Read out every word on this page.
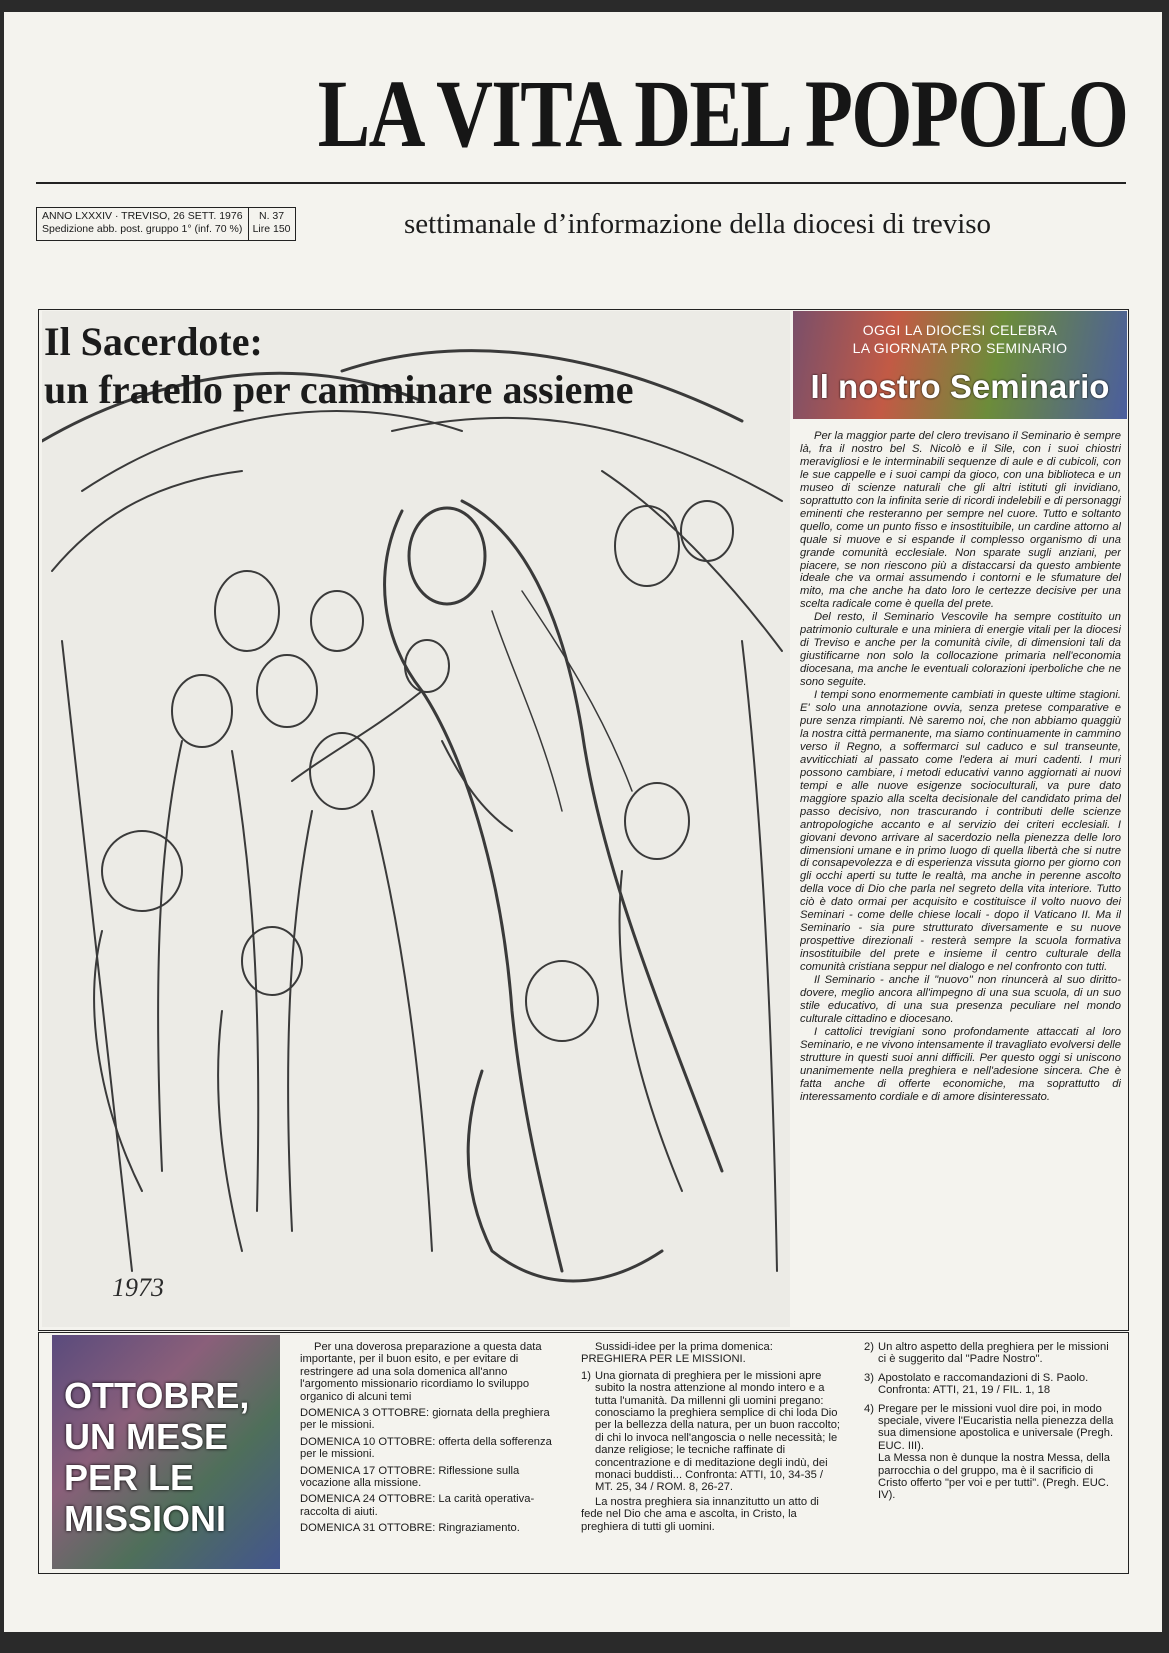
LA VITA DEL POPOLO
ANNO LXXXIV · TREVISO, 26 SETT. 1976
Spedizione abb. post. gruppo 1° (inf. 70 %)
N. 37
Lire 150	settimanale d’informazione della diocesi di treviso
1973
Il Sacerdote:
un fratello per camminare assieme
OGGI LA DIOCESI CELEBRA
LA GIORNATA PRO SEMINARIO
Il nostro Seminario

Per la maggior parte del clero trevisano il Seminario è sempre là, fra il nostro bel S. Nicolò e il Sile, con i suoi chiostri meravigliosi e le interminabili sequenze di aule e di cubicoli, con le sue cappelle e i suoi campi da gioco, con una biblioteca e un museo di scienze naturali che gli altri istituti gli invidiano, soprattutto con la infinita serie di ricordi indelebili e di personaggi eminenti che resteranno per sempre nel cuore. Tutto e soltanto quello, come un punto fisso e insostituibile, un cardine attorno al quale si muove e si espande il complesso organismo di una grande comunità ecclesiale. Non sparate sugli anziani, per piacere, se non riescono più a distaccarsi da questo ambiente ideale che va ormai assumendo i contorni e le sfumature del mito, ma che anche ha dato loro le certezze decisive per una scelta radicale come è quella del prete.

Del resto, il Seminario Vescovile ha sempre costituito un patrimonio culturale e una miniera di energie vitali per la diocesi di Treviso e anche per la comunità civile, di dimensioni tali da giustificarne non solo la collocazione primaria nell'economia diocesana, ma anche le eventuali colorazioni iperboliche che ne sono seguite.

I tempi sono enormemente cambiati in queste ultime stagioni. E' solo una annotazione ovvia, senza pretese comparative e pure senza rimpianti. Nè saremo noi, che non abbiamo quaggiù la nostra città permanente, ma siamo continuamente in cammino verso il Regno, a soffermarci sul caduco e sul transeunte, avviticchiati al passato come l'edera ai muri cadenti. I muri possono cambiare, i metodi educativi vanno aggiornati ai nuovi tempi e alle nuove esigenze socioculturali, va pure dato maggiore spazio alla scelta decisionale del candidato prima del passo decisivo, non trascurando i contributi delle scienze antropologiche accanto e al servizio dei criteri ecclesiali. I giovani devono arrivare al sacerdozio nella pienezza delle loro dimensioni umane e in primo luogo di quella libertà che si nutre di consapevolezza e di esperienza vissuta giorno per giorno con gli occhi aperti su tutte le realtà, ma anche in perenne ascolto della voce di Dio che parla nel segreto della vita interiore. Tutto ciò è dato ormai per acquisito e costituisce il volto nuovo dei Seminari - come delle chiese locali - dopo il Vaticano II. Ma il Seminario - sia pure strutturato diversamente e su nuove prospettive direzionali - resterà sempre la scuola formativa insostituibile del prete e insieme il centro culturale della comunità cristiana seppur nel dialogo e nel confronto con tutti.

Il Seminario - anche il "nuovo" non rinuncerà al suo diritto-dovere, meglio ancora all'impegno di una sua scuola, di un suo stile educativo, di una sua presenza peculiare nel mondo culturale cittadino e diocesano.

I cattolici trevigiani sono profondamente attaccati al loro Seminario, e ne vivono intensamente il travagliato evolversi delle strutture in questi suoi anni difficili. Per questo oggi si uniscono unanimemente nella preghiera e nell'adesione sincera. Che è fatta anche di offerte economiche, ma soprattutto di interessamento cordiale e di amore disinteressato.

OTTOBRE,
UN MESE
PER LE
MISSIONI

Per una doverosa preparazione a questa data importante, per il buon esito, e per evitare di restringere ad una sola domenica all'anno l'argomento missionario ricordiamo lo sviluppo organico di alcuni temi

DOMENICA 3 OTTOBRE: giornata della preghiera per le missioni.

DOMENICA 10 OTTOBRE: offerta della sofferenza per le missioni.

DOMENICA 17 OTTOBRE: Riflessione sulla vocazione alla missione.

DOMENICA 24 OTTOBRE: La carità operativa-raccolta di aiuti.

DOMENICA 31 OTTOBRE: Ringraziamento.

Sussidi-idee per la prima domenica: PREGHIERA PER LE MISSIONI.

1) Una giornata di preghiera per le missioni apre subito la nostra attenzione al mondo intero e a tutta l'umanità. Da millenni gli uomini pregano: conosciamo la preghiera semplice di chi loda Dio per la bellezza della natura, per un buon raccolto; di chi lo invoca nell'angoscia o nelle necessità; le danze religiose; le tecniche raffinate di concentrazione e di meditazione degli indù, dei monaci buddisti... Confronta: ATTI, 10, 34-35 / MT. 25, 34 / ROM. 8, 26-27.

La nostra preghiera sia innanzitutto un atto di fede nel Dio che ama e ascolta, in Cristo, la preghiera di tutti gli uomini.

2) Un altro aspetto della preghiera per le missioni ci è suggerito dal "Padre Nostro".
3) Apostolato e raccomandazioni di S. Paolo.
Confronta: ATTI, 21, 19 / FIL. 1, 18
4) Pregare per le missioni vuol dire poi, in modo speciale, vivere l'Eucaristia nella pienezza della sua dimensione apostolica e universale (Pregh. EUC. III).
La Messa non è dunque la nostra Messa, della parrocchia o del gruppo, ma è il sacrificio di Cristo offerto "per voi e per tutti". (Pregh. EUC. IV).
